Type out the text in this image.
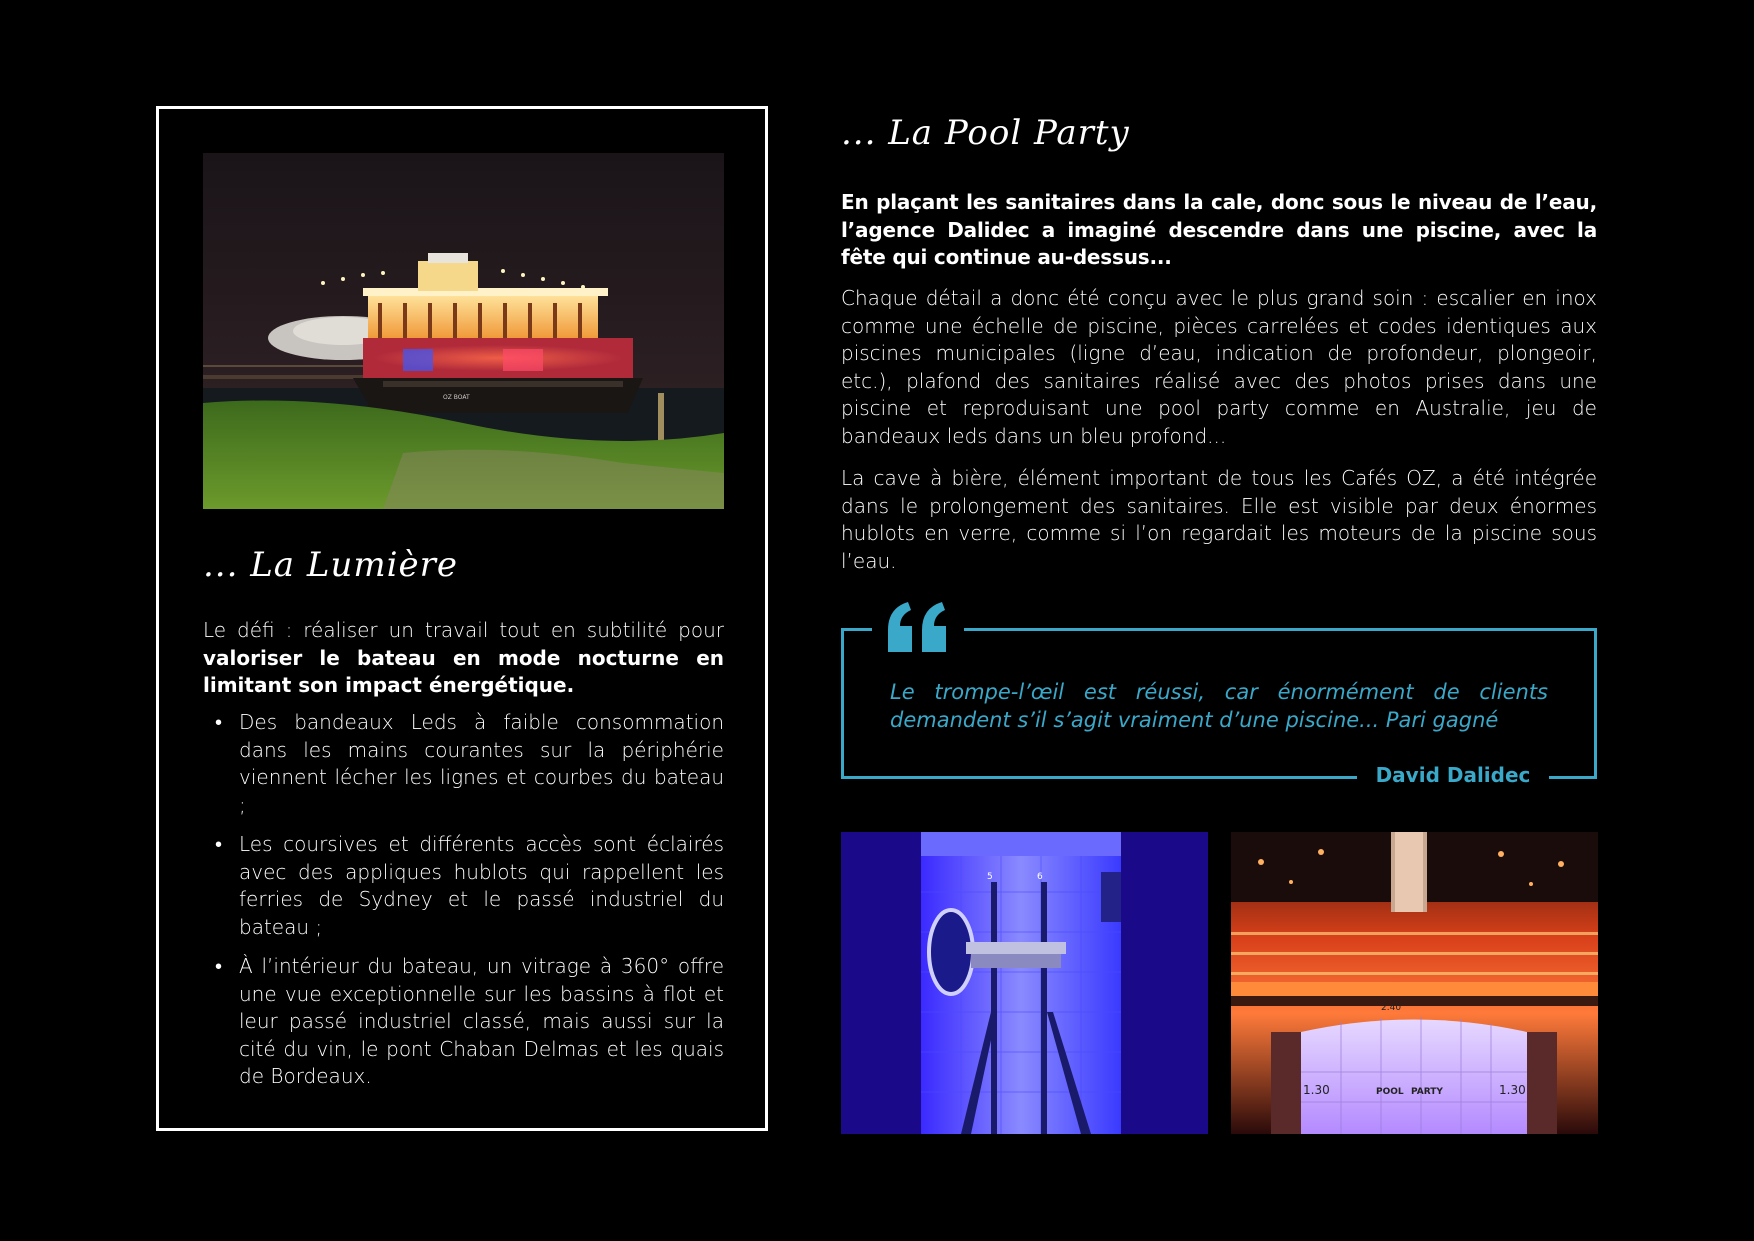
OZ BOAT
... La Lumière
Le défi : réaliser un travail tout en subtilité pour valoriser le bateau en mode nocturne en limitant son impact énergétique.
• Des bandeaux Leds à faible consommation dans les mains courantes sur la périphérie viennent lécher les lignes et courbes du bateau ;
• Les coursives et différents accès sont éclairés avec des appliques hublots qui rappellent les ferries de Sydney et le passé industriel du bateau ;
• À l’intérieur du bateau, un vitrage à 360° offre une vue exceptionnelle sur les bassins à flot et leur passé industriel classé, mais aussi sur la cité du vin, le pont Chaban Delmas et les quais de Bordeaux.
... La Pool Party
En plaçant les sanitaires dans la cale, donc sous le niveau de l’eau, l’agence Dalidec a imaginé descendre dans une piscine, avec la fête qui continue au-dessus...
Chaque détail a donc été conçu avec le plus grand soin : escalier en inox comme une échelle de piscine, pièces carrelées et codes identiques aux piscines municipales (ligne d’eau, indication de profondeur, plongeoir, etc.), plafond des sanitaires réalisé avec des photos prises dans une piscine et reproduisant une pool party comme en Australie, jeu de bandeaux leds dans un bleu profond...
La cave à bière, élément important de tous les Cafés OZ, a été intégrée dans le prolongement des sanitaires. Elle est visible par deux énormes hublots en verre, comme si l’on regardait les moteurs de la piscine sous l’eau.
Le trompe-l’œil est réussi, car énormément de clients demandent s’il s’agit vraiment d’une piscine... Pari gagné
David Dalidec
5	6
2.40
POOL PARTY
1.30	1.30
